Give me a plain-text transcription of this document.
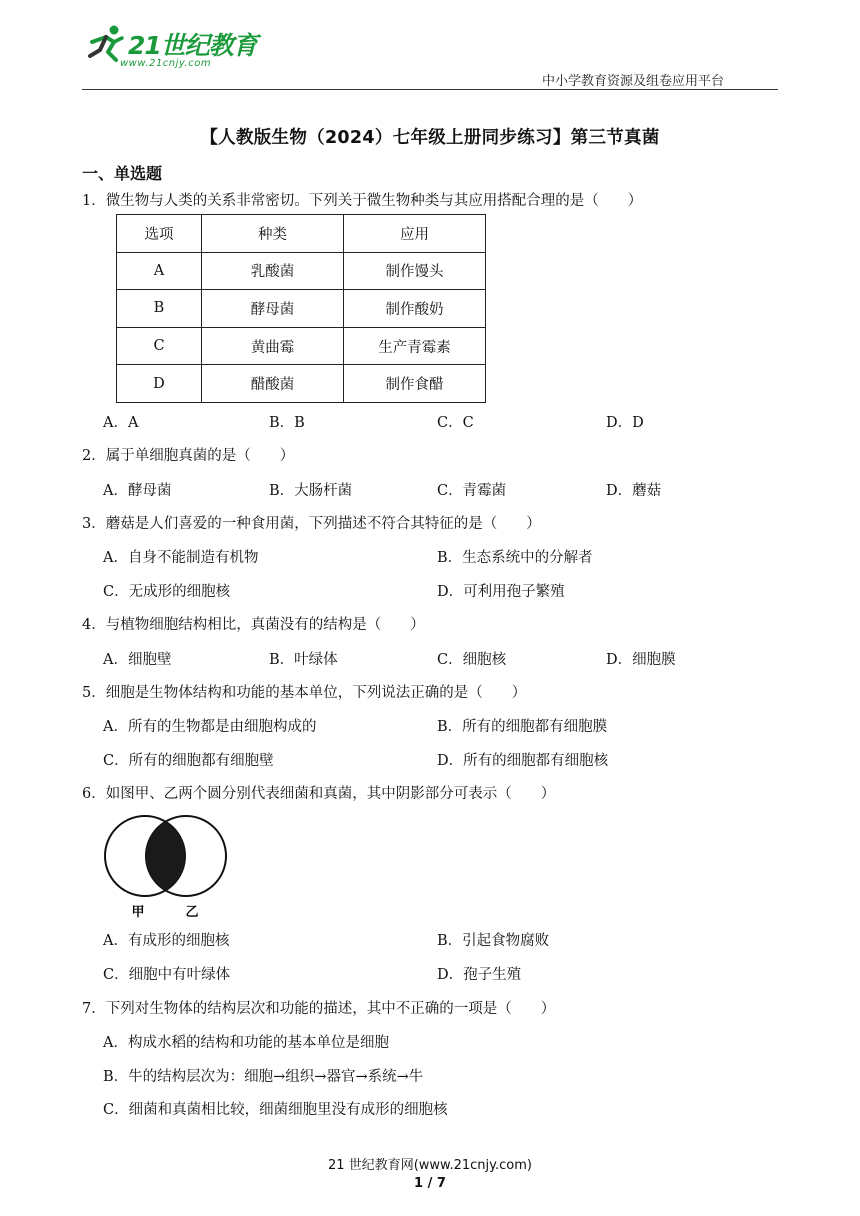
21世纪教育
www.21cnjy.com
中小学教育资源及组卷应用平台
【人教版生物（2024）七年级上册同步练习】第三节真菌
一、单选题
1．微生物与人类的关系非常密切。下列关于微生物种类与其应用搭配合理的是（　　）
选项	种类	应用
A	乳酸菌	制作馒头
B	酵母菌	制作酸奶
C	黄曲霉	生产青霉素
D	醋酸菌	制作食醋
A．A	B．B	C．C	D．D
2．属于单细胞真菌的是（　　）
A．酵母菌	B．大肠杆菌	C．青霉菌	D．蘑菇
3．蘑菇是人们喜爱的一种食用菌，下列描述不符合其特征的是（　　）
A．自身不能制造有机物	B．生态系统中的分解者
C．无成形的细胞核	D．可利用孢子繁殖
4．与植物细胞结构相比，真菌没有的结构是（　　）
A．细胞壁	B．叶绿体	C．细胞核	D．细胞膜
5．细胞是生物体结构和功能的基本单位，下列说法正确的是（　　）
A．所有的生物都是由细胞构成的	B．所有的细胞都有细胞膜
C．所有的细胞都有细胞壁	D．所有的细胞都有细胞核
6．如图甲、乙两个圆分别代表细菌和真菌，其中阴影部分可表示（　　）
甲	乙
A．有成形的细胞核	B．引起食物腐败
C．细胞中有叶绿体	D．孢子生殖
7．下列对生物体的结构层次和功能的描述，其中不正确的一项是（　　）
A．构成水稻的结构和功能的基本单位是细胞
B．牛的结构层次为：细胞→组织→器官→系统→牛
C．细菌和真菌相比较，细菌细胞里没有成形的细胞核
21 世纪教育网(www.21cnjy.com)
1 / 7
